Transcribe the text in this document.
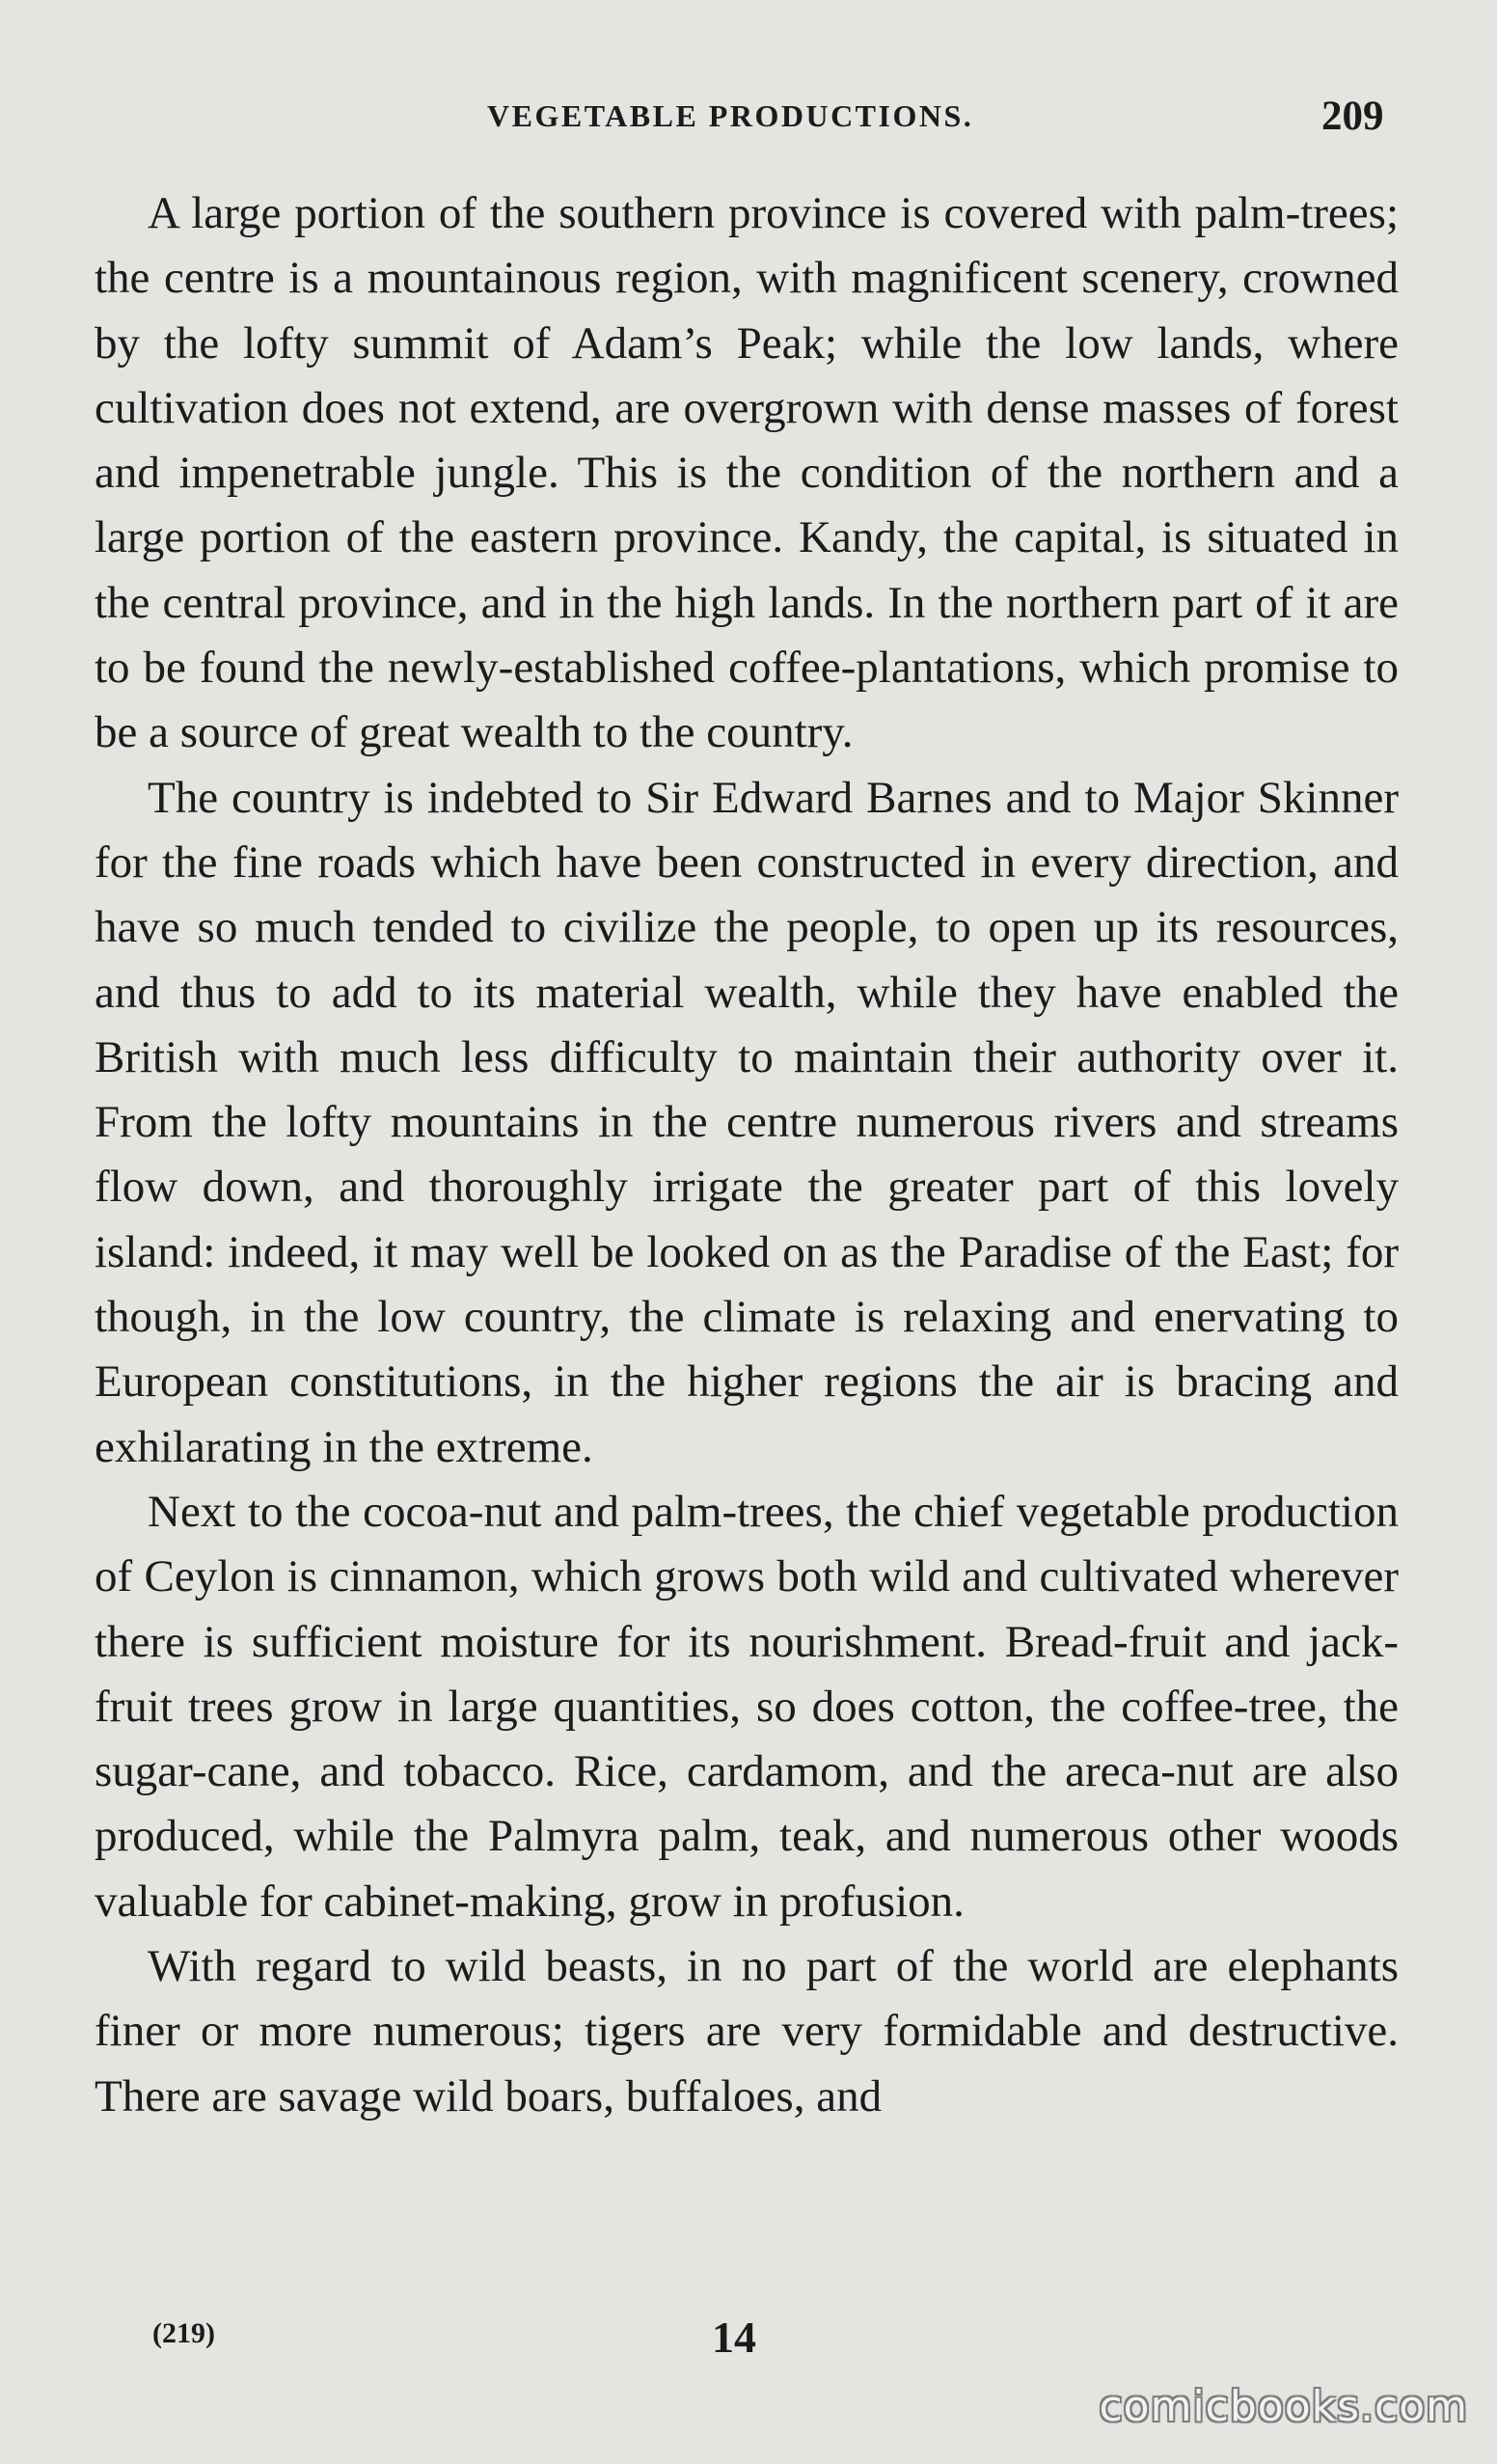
VEGETABLE PRODUCTIONS.	209

A large portion of the southern province is covered with palm-trees; the centre is a mountainous region, with magnificent scenery, crowned by the lofty summit of Adam’s Peak; while the low lands, where cultivation does not extend, are overgrown with dense masses of forest and impenetrable jungle. This is the condition of the northern and a large portion of the eastern province. Kandy, the capital, is situated in the central province, and in the high lands. In the northern part of it are to be found the newly-established coffee-plantations, which promise to be a source of great wealth to the country.

The country is indebted to Sir Edward Barnes and to Major Skinner for the fine roads which have been constructed in every direction, and have so much tended to civilize the people, to open up its resources, and thus to add to its material wealth, while they have enabled the British with much less difficulty to maintain their authority over it. From the lofty mountains in the centre numerous rivers and streams flow down, and thoroughly irrigate the greater part of this lovely island: indeed, it may well be looked on as the Paradise of the East; for though, in the low country, the climate is relaxing and enervating to European constitutions, in the higher regions the air is bracing and exhilarating in the extreme.

Next to the cocoa-nut and palm-trees, the chief vegetable production of Ceylon is cinnamon, which grows both wild and cultivated wherever there is sufficient moisture for its nourishment. Bread-fruit and jack-fruit trees grow in large quantities, so does cotton, the coffee-tree, the sugar-cane, and tobacco. Rice, cardamom, and the areca-nut are also produced, while the Palmyra palm, teak, and numerous other woods valuable for cabinet-making, grow in profusion.

With regard to wild beasts, in no part of the world are elephants finer or more numerous; tigers are very formidable and destructive. There are savage wild boars, buffaloes, and

(219)	14
comicbooks.com
